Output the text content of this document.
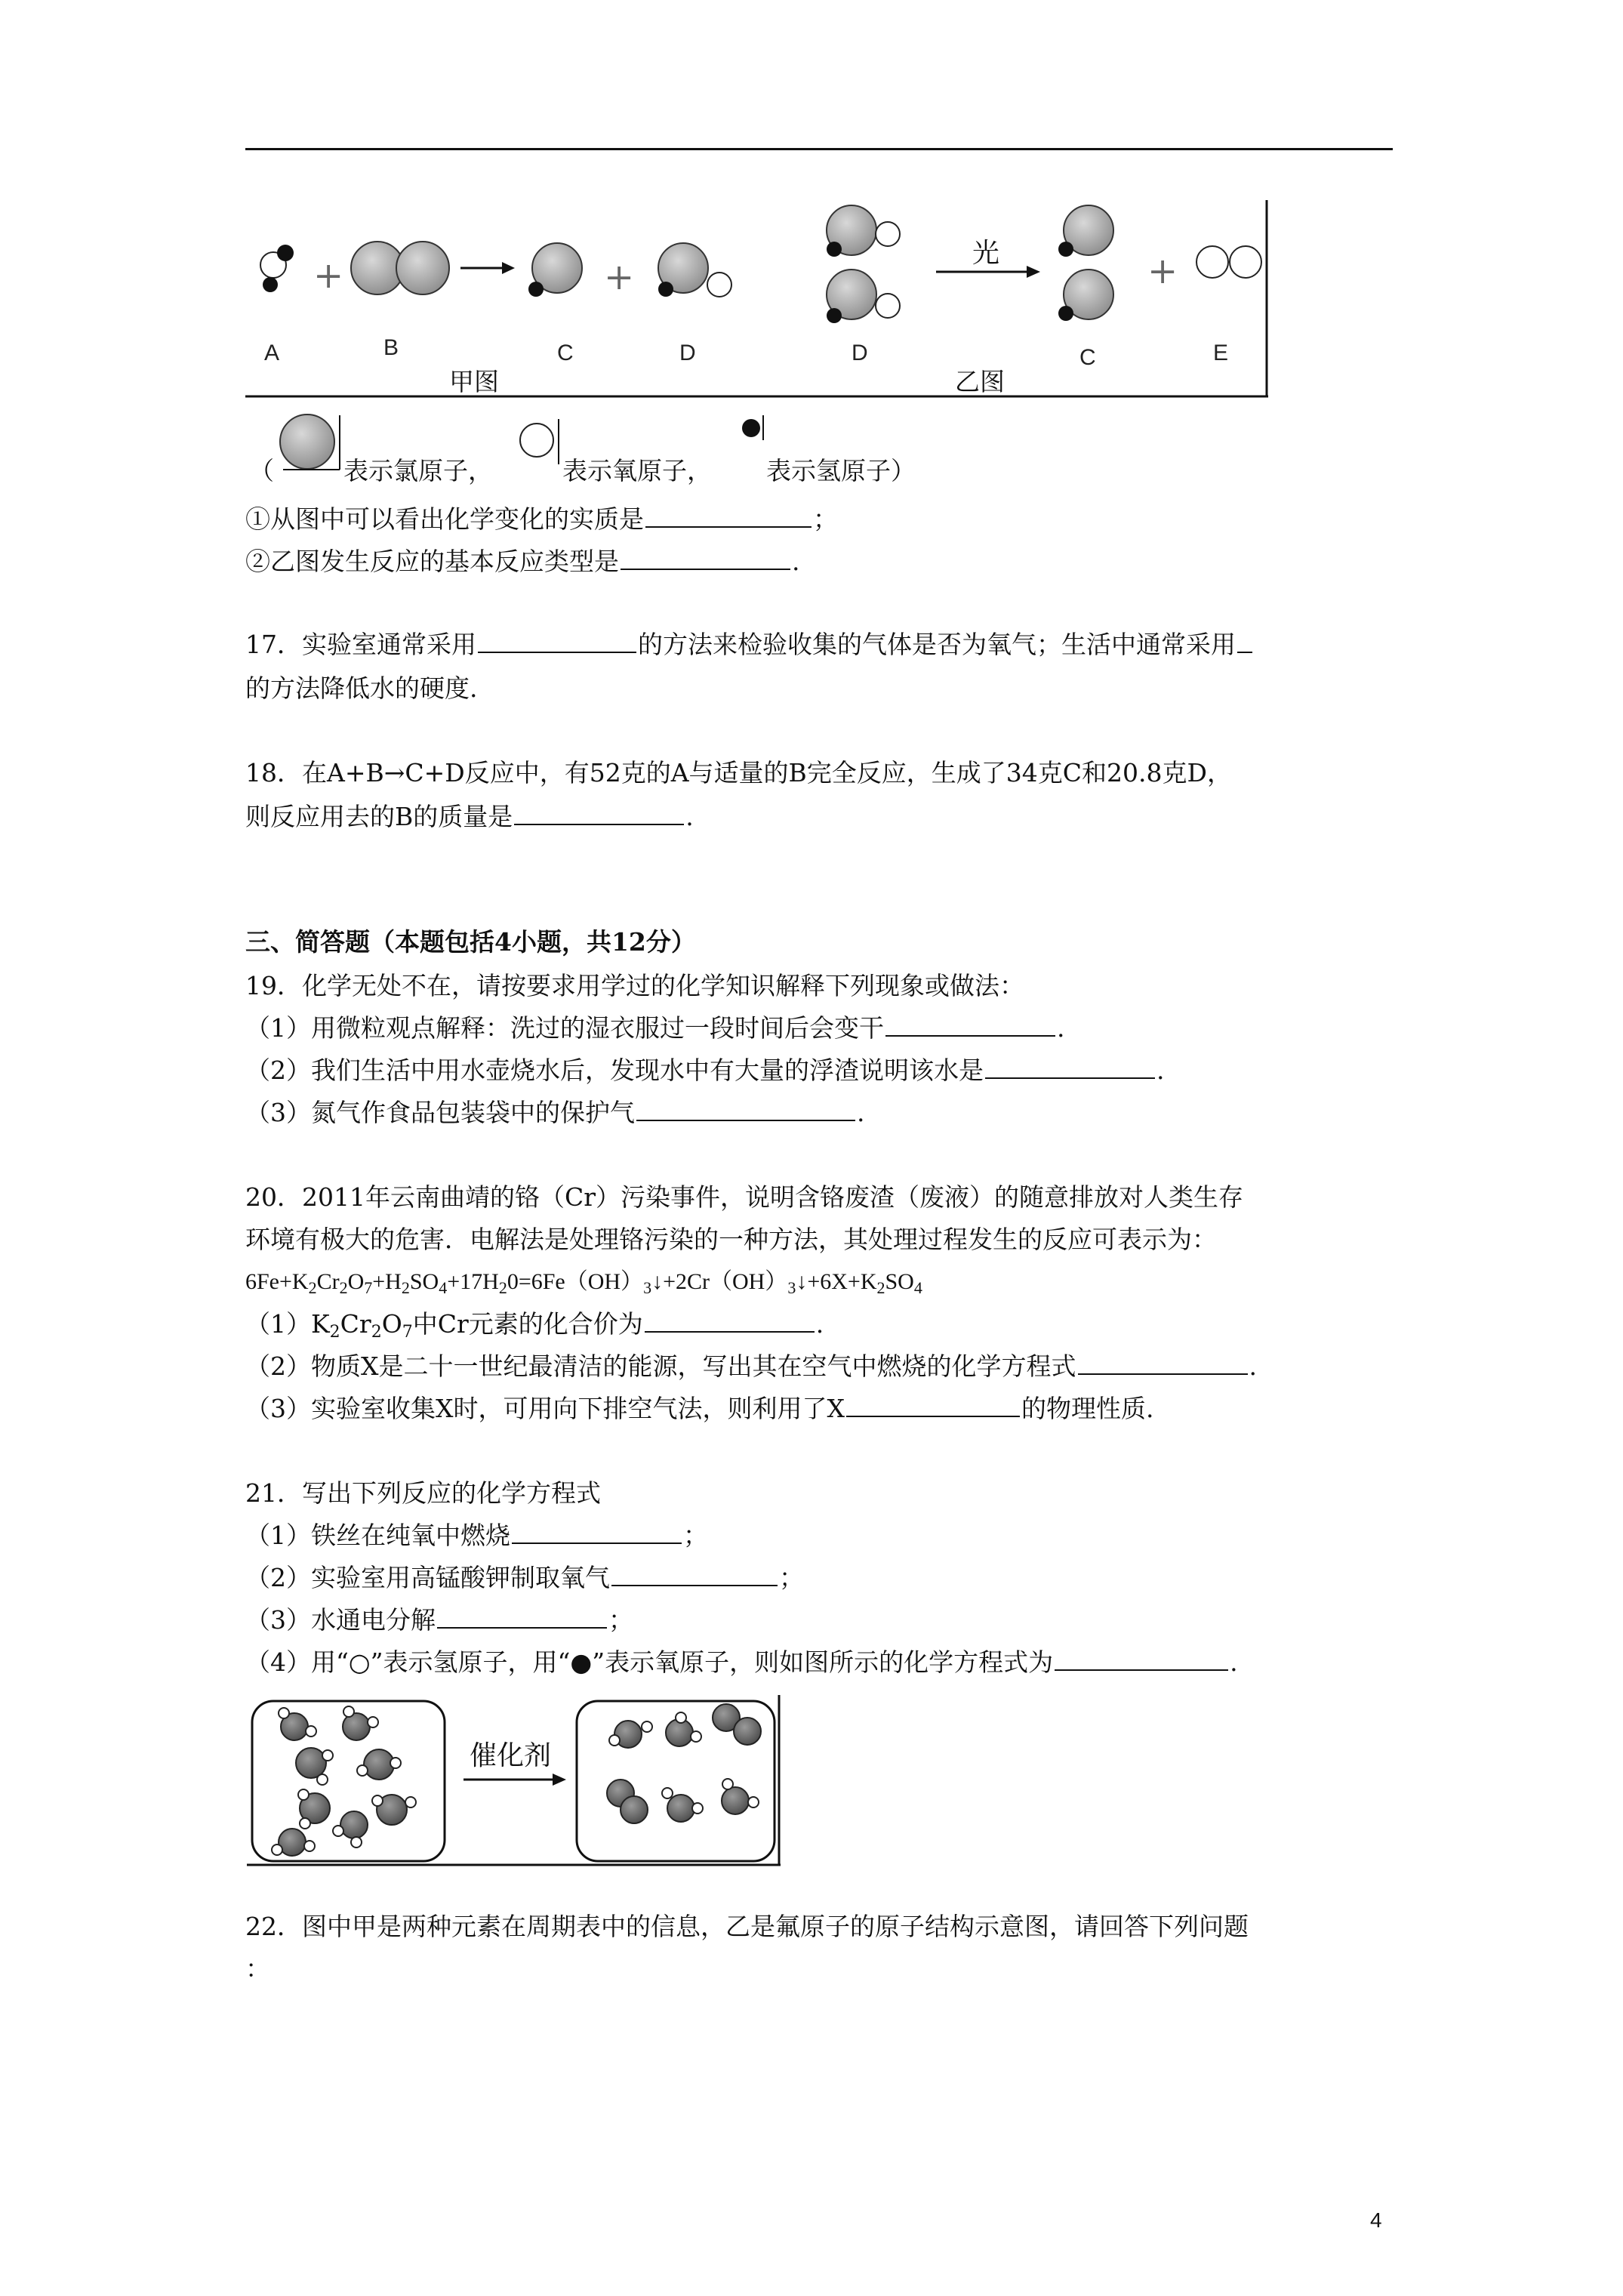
+	+
光	+
A	B	C	D	D	C	E
甲图	乙图
（	表示氯原子，	表示氧原子， 表示氢原子）
①从图中可以看出化学变化的实质是	；
②乙图发生反应的基本反应类型是	.
17．实验室通常采用	的方法来检验收集的气体是否为氧气；生活中通常采用
的方法降低水的硬度.
18．在A+B→C+D反应中，有52克的A与适量的B完全反应，生成了34克C和20.8克D，
则反应用去的B的质量是	.
三、简答题（本题包括4小题，共12分）
19．化学无处不在，请按要求用学过的化学知识解释下列现象或做法：
（1）用微粒观点解释：洗过的湿衣服过一段时间后会变干	.
（2）我们生活中用水壶烧水后，发现水中有大量的浮渣说明该水是	.
（3）氮气作食品包装袋中的保护气	.
20．2011年云南曲靖的铬（Cr）污染事件，说明含铬废渣（废液）的随意排放对人类生存
环境有极大的危害．电解法是处理铬污染的一种方法，其处理过程发生的反应可表示为：
$6Fe+K_2Cr_2O_7+H_2SO_4+17H_20=6Fe(OH)_3↓+2Cr(OH)_3↓+6X+K_2SO_4$
$(1)K_2Cr_2O_7$中Cr元素的化合价为	.
（2）物质X是二十一世纪最清洁的能源，写出其在空气中燃烧的化学方程式	.
（3）实验室收集X时，可用向下排空气法，则利用了X	的物理性质.
21．写出下列反应的化学方程式
（1）铁丝在纯氧中燃烧	；
（2）实验室用高锰酸钾制取氧气	；
（3）水通电分解	；
（4）用“○”表示氢原子，用“●”表示氧原子，则如图所示的化学方程式为	.
催化剂
22．图中甲是两种元素在周期表中的信息，乙是氟原子的原子结构示意图，请回答下列问题
：
4
